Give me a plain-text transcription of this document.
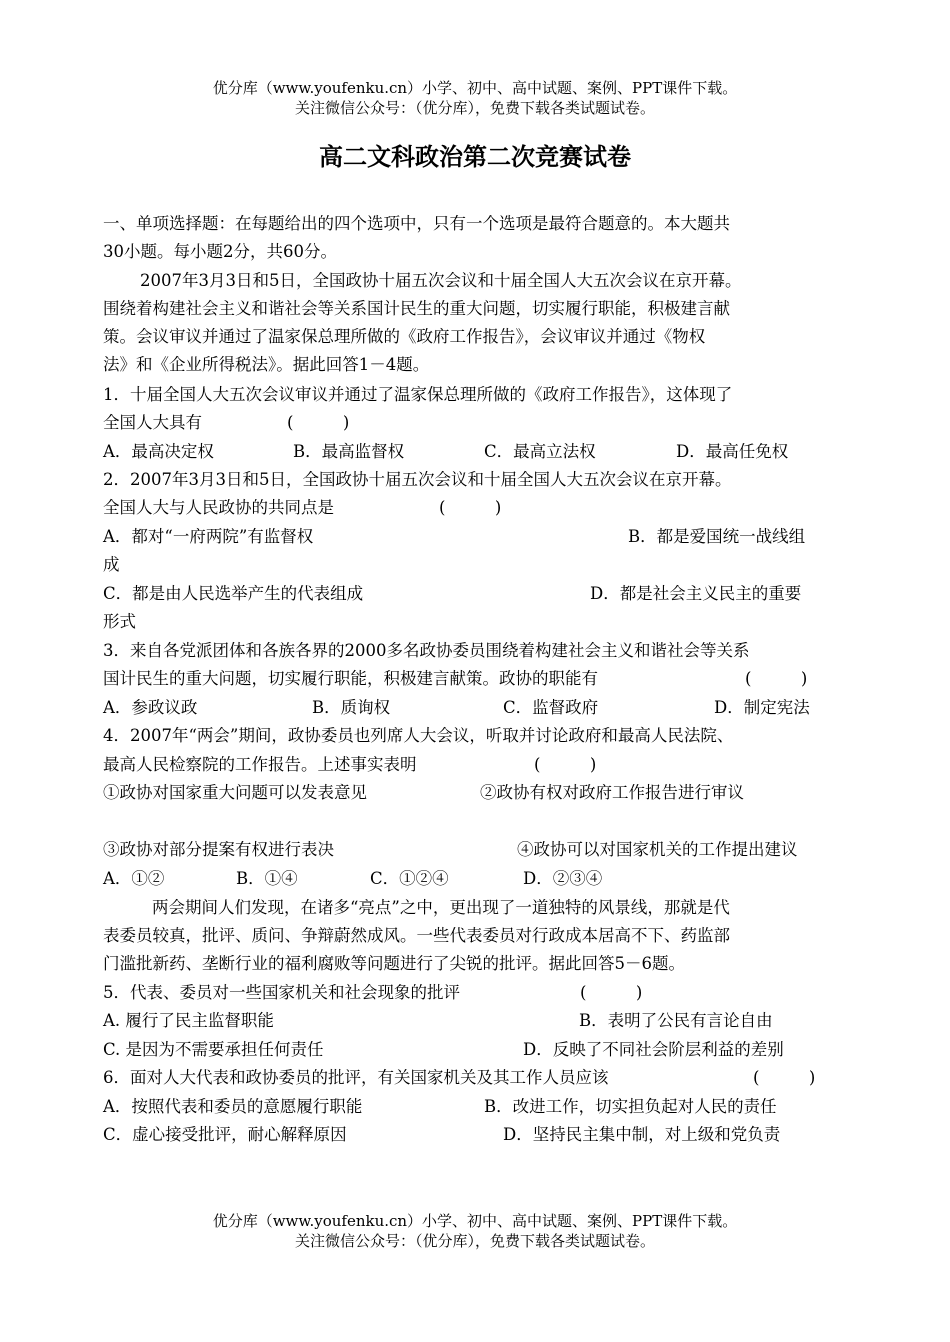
优分库（www.youfenku.cn）小学、初中、高中试题、案例、PPT课件下载。
关注微信公众号：（优分库），免费下载各类试题试卷。
高二文科政治第二次竞赛试卷
一、单项选择题：在每题给出的四个选项中，只有一个选项是最符合题意的。本大题共
30小题。每小题2分，共60分。
2007年3月3日和5日，全国政协十届五次会议和十届全国人大五次会议在京开幕。
围绕着构建社会主义和谐社会等关系国计民生的重大问题，切实履行职能，积极建言献
策。会议审议并通过了温家保总理所做的《政府工作报告》，会议审议并通过《物权
法》和《企业所得税法》。据此回答1－4题。
1．十届全国人大五次会议审议并通过了温家保总理所做的《政府工作报告》，这体现了
全国人大具有	(　　　)
A．最高决定权	B．最高监督权	C．最高立法权	D．最高任免权
2．2007年3月3日和5日，全国政协十届五次会议和十届全国人大五次会议在京开幕。
全国人大与人民政协的共同点是	(　　　)
A．都对“一府两院”有监督权	B．都是爱国统一战线组
成
C．都是由人民选举产生的代表组成	D．都是社会主义民主的重要
形式
3．来自各党派团体和各族各界的2000多名政协委员围绕着构建社会主义和谐社会等关系
国计民生的重大问题，切实履行职能，积极建言献策。政协的职能有	(　　　)
A．参政议政	B．质询权	C．监督政府	D．制定宪法
4．2007年“两会”期间，政协委员也列席人大会议，听取并讨论政府和最高人民法院、
最高人民检察院的工作报告。上述事实表明	(　　　)
①政协对国家重大问题可以发表意见	②政协有权对政府工作报告进行审议
③政协对部分提案有权进行表决	④政协可以对国家机关的工作提出建议
A．①②	B．①④	C．①②④	D．②③④
两会期间人们发现，在诸多“亮点”之中，更出现了一道独特的风景线，那就是代
表委员较真，批评、质问、争辩蔚然成风。一些代表委员对行政成本居高不下、药监部
门滥批新药、垄断行业的福利腐败等问题进行了尖锐的批评。据此回答5－6题。
5．代表、委员对一些国家机关和社会现象的批评	(　　　)
A. 履行了民主监督职能	B．表明了公民有言论自由
C. 是因为不需要承担任何责任	D．反映了不同社会阶层利益的差别
6．面对人大代表和政协委员的批评，有关国家机关及其工作人员应该	(　　　)
A．按照代表和委员的意愿履行职能	B．改进工作，切实担负起对人民的责任
C．虚心接受批评，耐心解释原因	D．坚持民主集中制，对上级和党负责
优分库（www.youfenku.cn）小学、初中、高中试题、案例、PPT课件下载。
关注微信公众号：（优分库），免费下载各类试题试卷。
